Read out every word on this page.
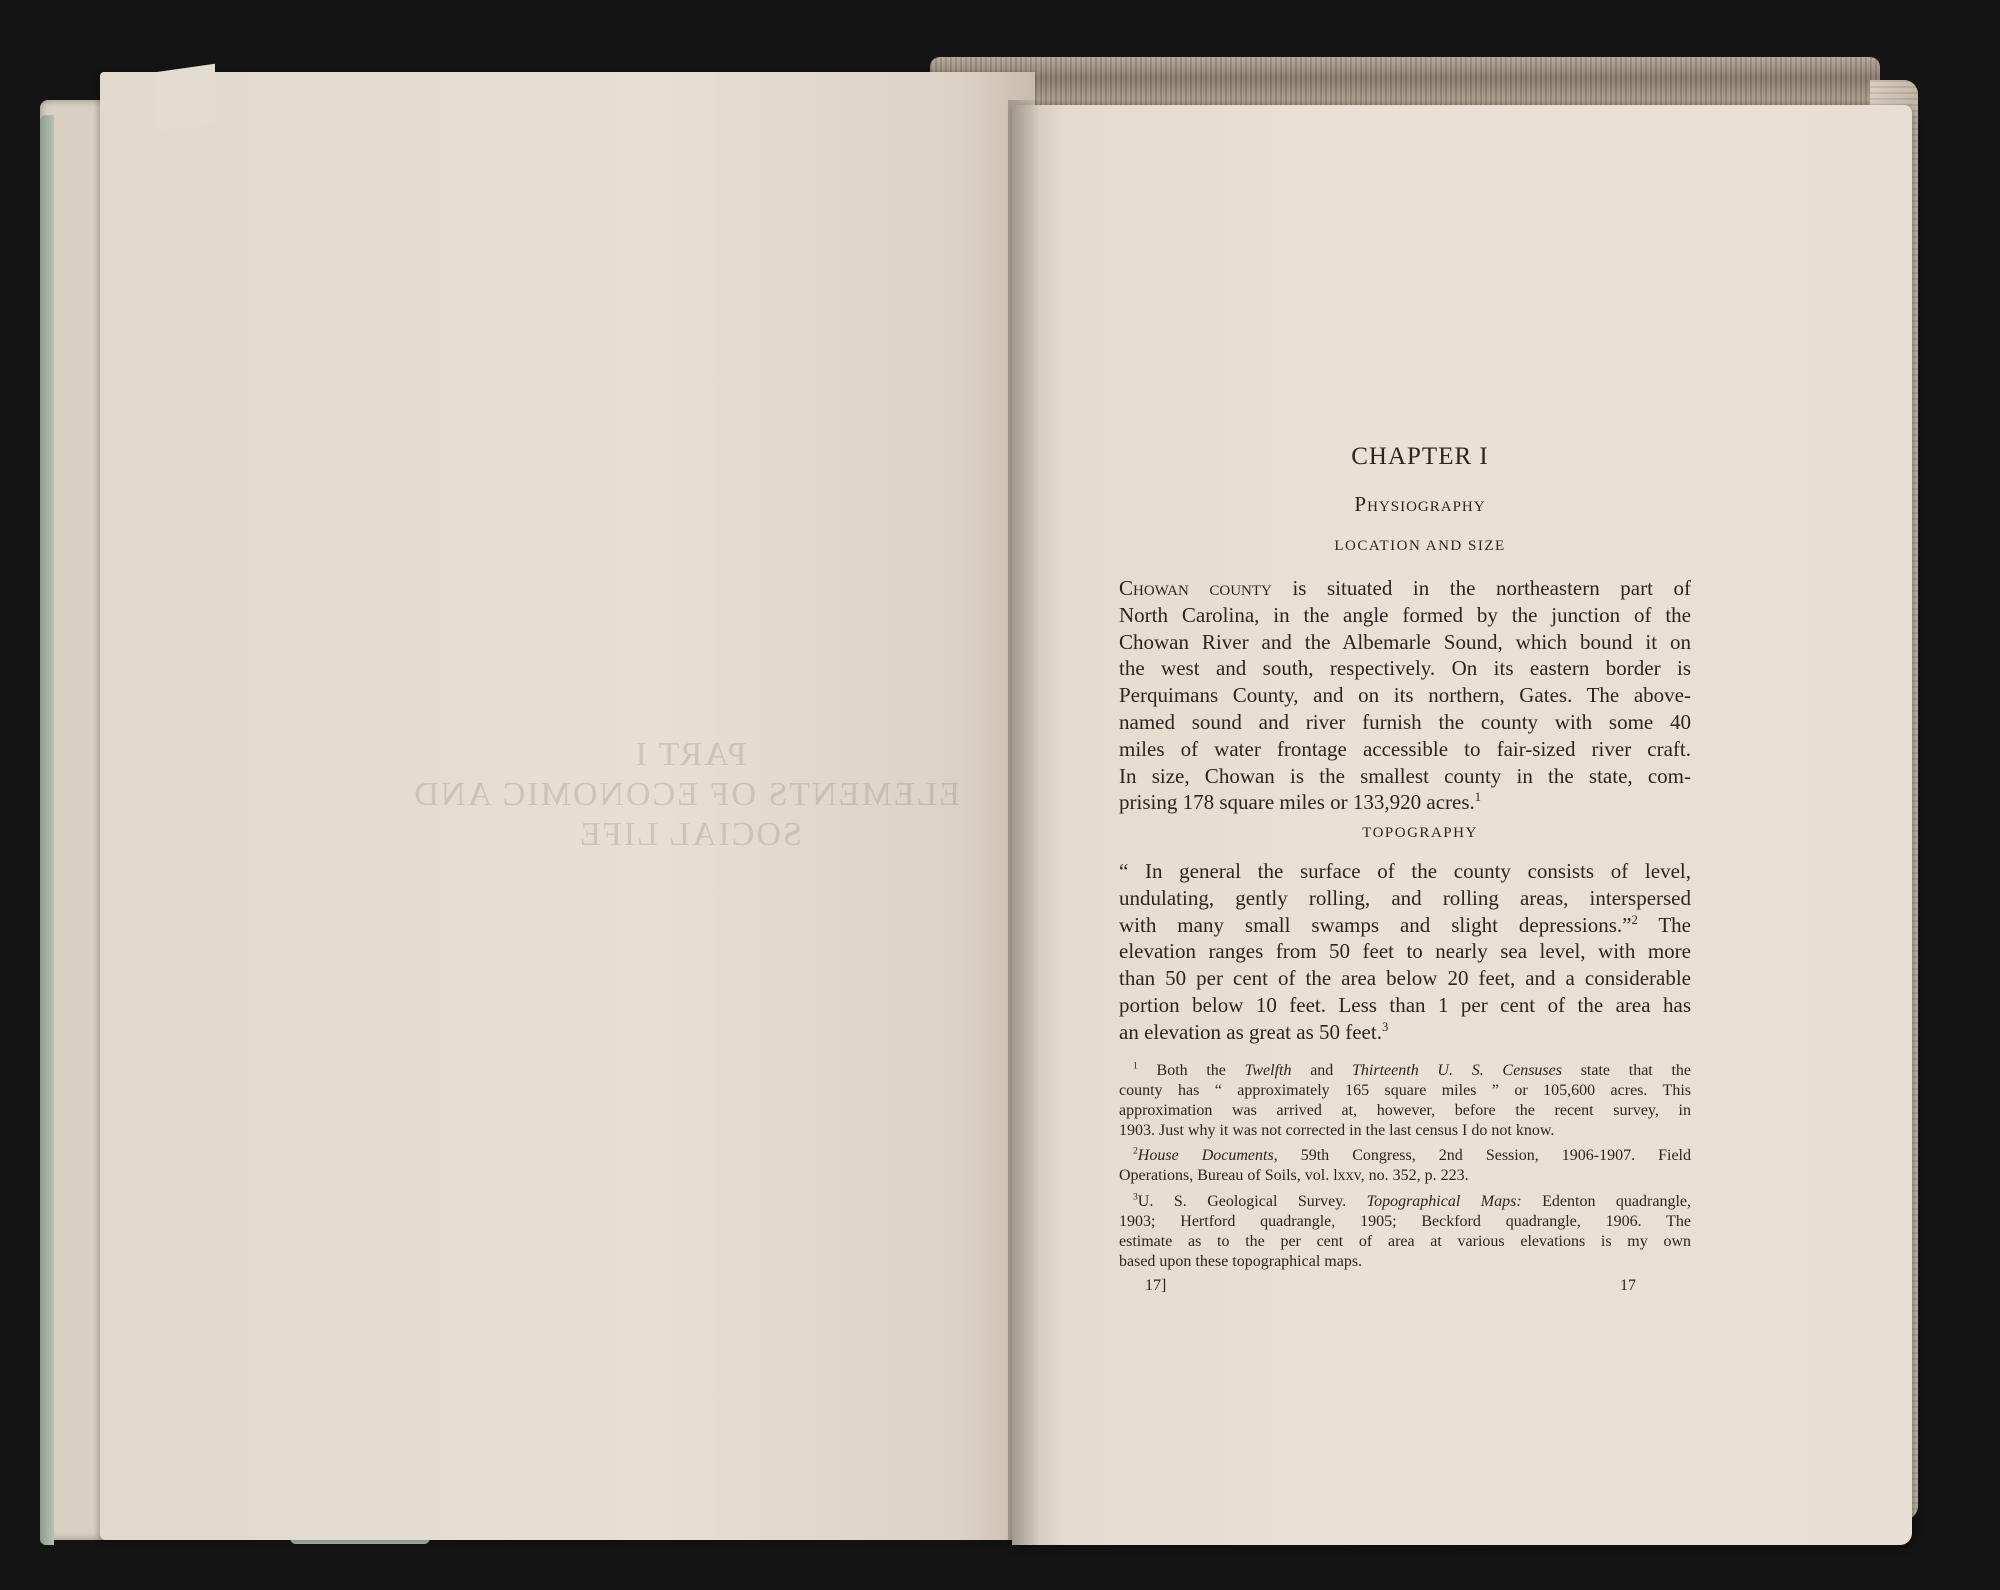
PART I
ELEMENTS OF ECONOMIC AND
SOCIAL LIFE
CHAPTER I
Physiography
LOCATION AND SIZE

Chowan county is situated in the northeastern part of
North Carolina, in the angle formed by the junction of the
Chowan River and the Albemarle Sound, which bound it on
the west and south, respectively. On its eastern border is
Perquimans County, and on its northern, Gates. The above-
named sound and river furnish the county with some 40
miles of water frontage accessible to fair-sized river craft.
In size, Chowan is the smallest county in the state, com-
prising 178 square miles or 133,920 acres.$^1$

TOPOGRAPHY

“ In general the surface of the county consists of level,
undulating, gently rolling, and rolling areas, interspersed
with many small swamps and slight depressions.”$^2$ The
elevation ranges from 50 feet to nearly sea level, with more
than 50 per cent of the area below 20 feet, and a considerable
portion below 10 feet. Less than 1 per cent of the area has
an elevation as great as 50 feet.$^3$

$^1$ Both the Twelfth and Thirteenth U. S. Censuses state that the
county has “ approximately 165 square miles ” or 105,600 acres. This
approximation was arrived at, however, before the recent survey, in
1903. Just why it was not corrected in the last census I do not know.

$^2$House Documents, 59th Congress, 2nd Session, 1906-1907. Field
Operations, Bureau of Soils, vol. lxxv, no. 352, p. 223.

$^3$U. S. Geological Survey. Topographical Maps: Edenton quadrangle,
1903; Hertford quadrangle, 1905; Beckford quadrangle, 1906. The
estimate as to the per cent of area at various elevations is my own
based upon these topographical maps.

17]	17
